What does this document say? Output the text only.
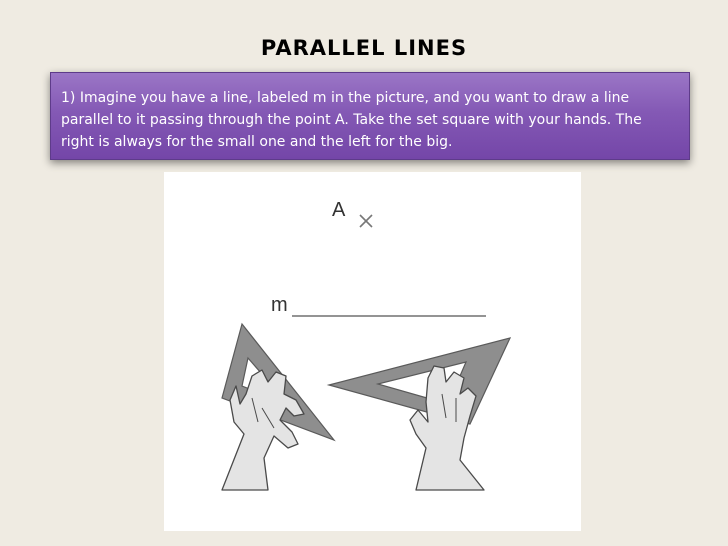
PARALLEL LINES
1) Imagine you have a line, labeled m in the picture, and you want to draw a line parallel to it passing through the point A. Take the set square with your hands. The right is always for the small one and the left for the big.
A
m
